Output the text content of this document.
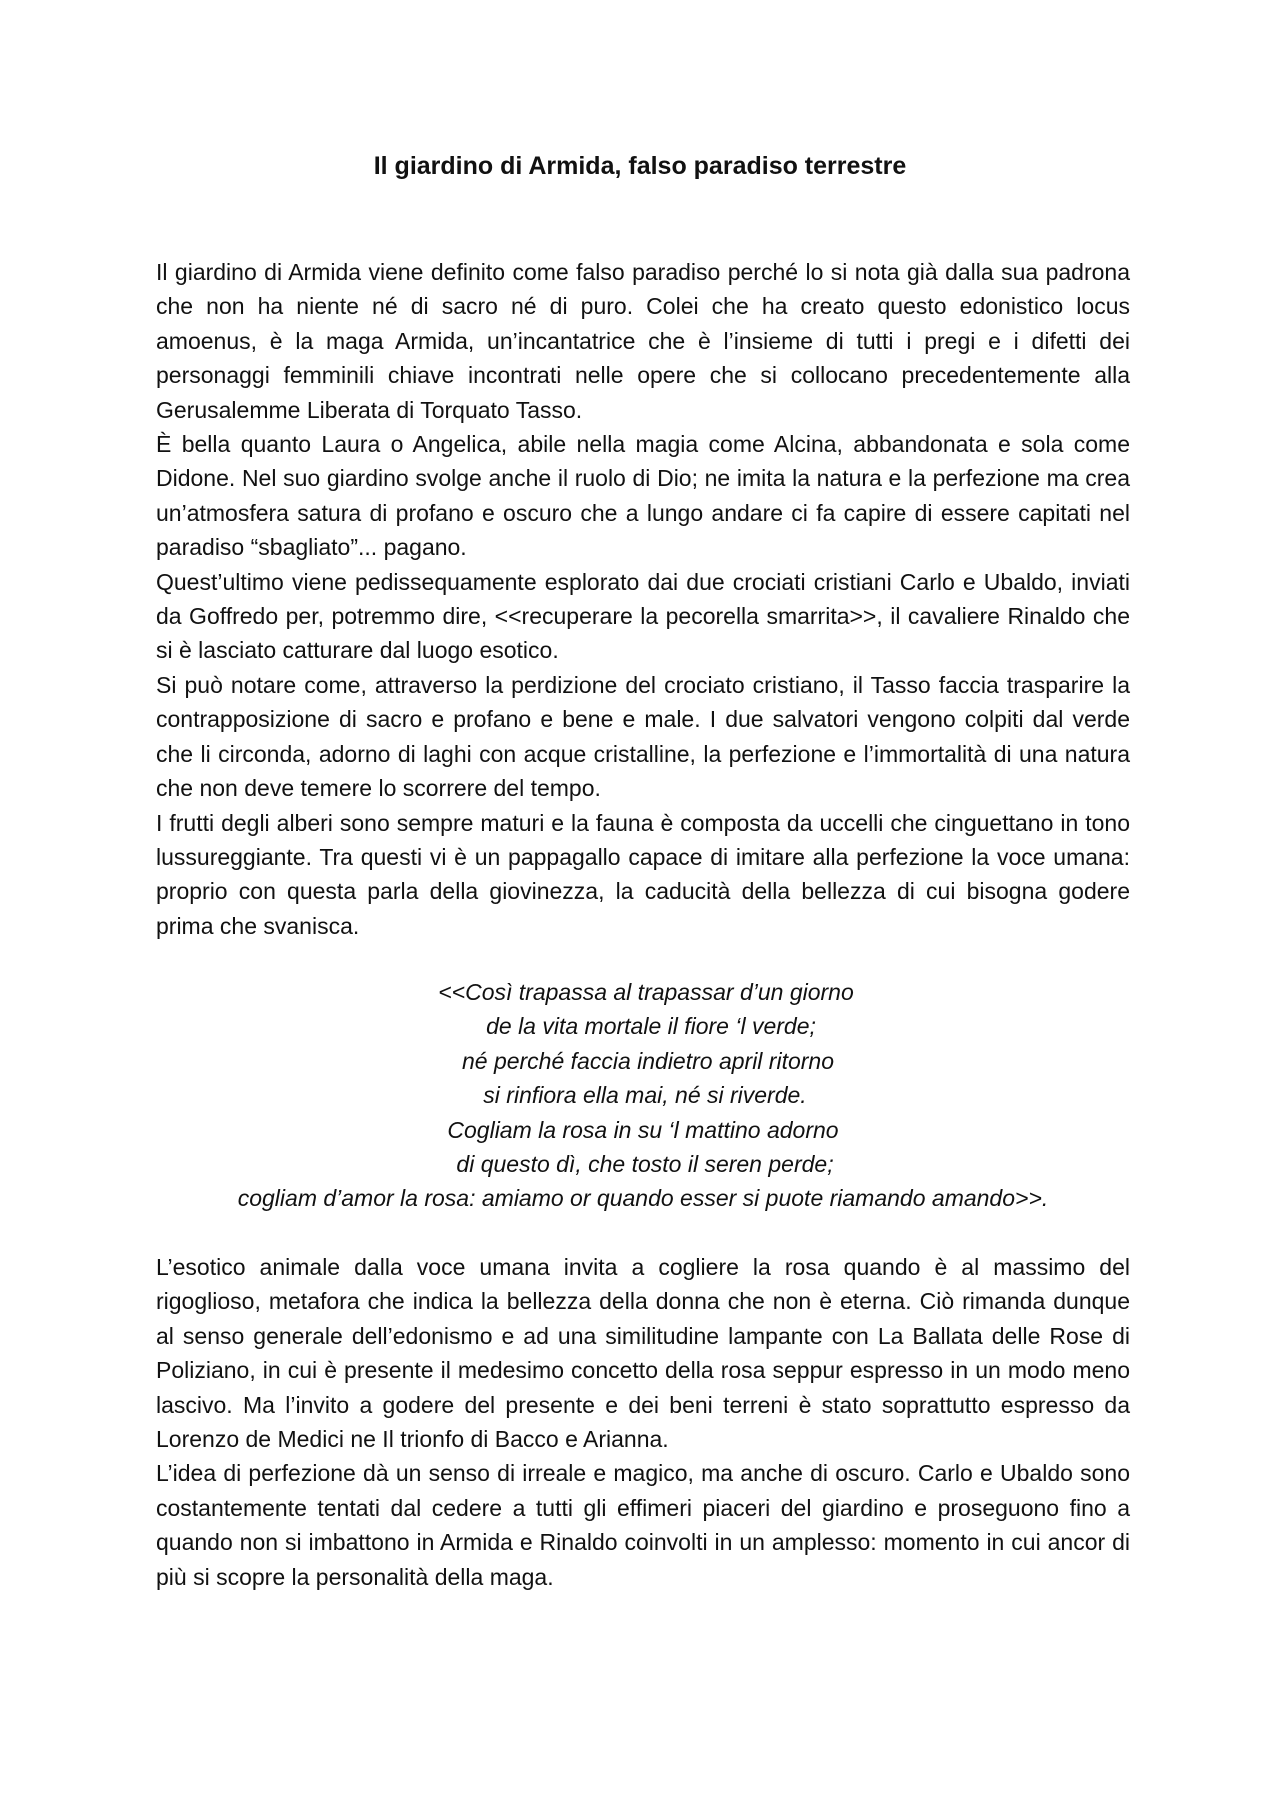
Il giardino di Armida, falso paradiso terrestre

Il giardino di Armida viene definito come falso paradiso perché lo si nota già dalla sua padrona che non ha niente né di sacro né di puro. Colei che ha creato questo edonistico locus amoenus, è la maga Armida, un’incantatrice che è l’insieme di tutti i pregi e i difetti dei personaggi femminili chiave incontrati nelle opere che si collocano precedentemente alla Gerusalemme Liberata di Torquato Tasso.

È bella quanto Laura o Angelica, abile nella magia come Alcina, abbandonata e sola come Didone. Nel suo giardino svolge anche il ruolo di Dio; ne imita la natura e la perfezione ma crea un’atmosfera satura di profano e oscuro che a lungo andare ci fa capire di essere capitati nel paradiso “sbagliato”... pagano.

Quest’ultimo viene pedissequamente esplorato dai due crociati cristiani Carlo e Ubaldo, inviati da Goffredo per, potremmo dire, <<recuperare la pecorella smarrita>>, il cavaliere Rinaldo che si è lasciato catturare dal luogo esotico.

Si può notare come, attraverso la perdizione del crociato cristiano, il Tasso faccia trasparire la contrapposizione di sacro e profano e bene e male. I due salvatori vengono colpiti dal verde che li circonda, adorno di laghi con acque cristalline, la perfezione e l’immortalità di una natura che non deve temere lo scorrere del tempo.

I frutti degli alberi sono sempre maturi e la fauna è composta da uccelli che cinguettano in tono lussureggiante. Tra questi vi è un pappagallo capace di imitare alla perfezione la voce umana: proprio con questa parla della giovinezza, la caducità della bellezza di cui bisogna godere prima che svanisca.

<<Così trapassa al trapassar d’un giorno
de la vita mortale il fiore ‘l verde;
né perché faccia indietro april ritorno
si rinfiora ella mai, né si riverde.
Cogliam la rosa in su ‘l mattino adorno
di questo dì, che tosto il seren perde;
cogliam d’amor la rosa: amiamo or quando esser si puote riamando amando>>.

L’esotico animale dalla voce umana invita a cogliere la rosa quando è al massimo del rigoglioso, metafora che indica la bellezza della donna che non è eterna. Ciò rimanda dunque al senso generale dell’edonismo e ad una similitudine lampante con La Ballata delle Rose di Poliziano, in cui è presente il medesimo concetto della rosa seppur espresso in un modo meno lascivo. Ma l’invito a godere del presente e dei beni terreni è stato soprattutto espresso da Lorenzo de Medici ne Il trionfo di Bacco e Arianna.

L’idea di perfezione dà un senso di irreale e magico, ma anche di oscuro. Carlo e Ubaldo sono costantemente tentati dal cedere a tutti gli effimeri piaceri del giardino e proseguono fino a quando non si imbattono in Armida e Rinaldo coinvolti in un amplesso: momento in cui ancor di più si scopre la personalità della maga.
